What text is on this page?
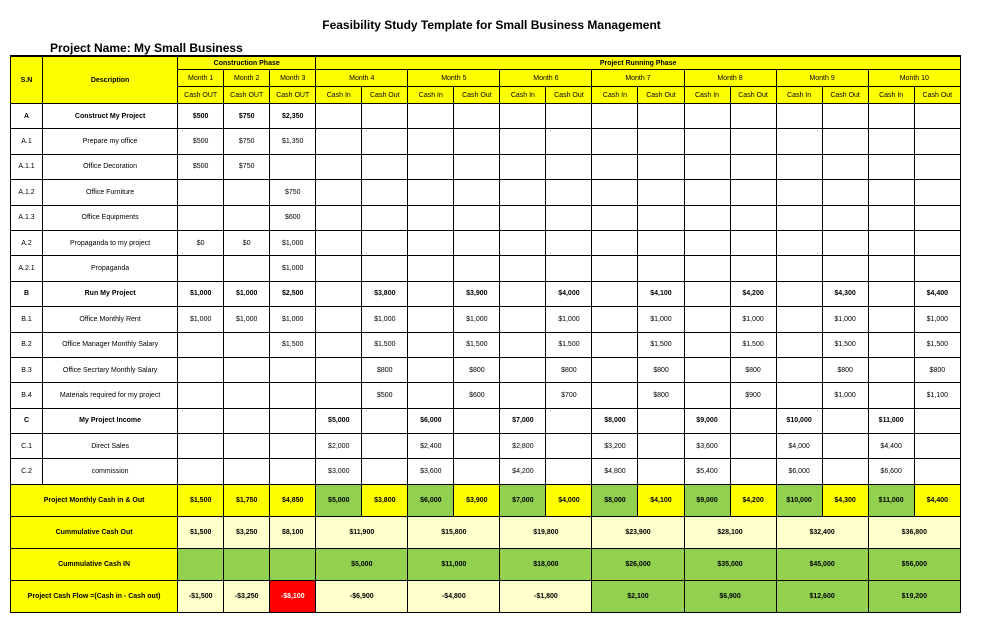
Feasibility Study Template for Small Business Management
Project Name: My Small Business
S.N	Description	Construction Phase			Project Running Phase													
		Month 1	Month 2	Month 3	Month 4		Month 5		Month 6		Month 7		Month 8		Month 9		Month 10	
		Cash OUT	Cash OUT	Cash OUT	Cash In	Cash Out	Cash In	Cash Out	Cash In	Cash Out	Cash In	Cash Out	Cash In	Cash Out	Cash In	Cash Out	Cash In	Cash Out
A	Construct My Project	$500	$750	$2,350														
A.1	Prepare my office	$500	$750	$1,350														
A.1.1	Office Decoration	$500	$750															
A.1.2	Office Furniture			$750														
A.1.3	Office Equipments			$600														
A.2	Propaganda to my project	$0	$0	$1,000														
A.2.1	Propaganda			$1,000														
B	Run My Project	$1,000	$1,000	$2,500		$3,800		$3,900		$4,000		$4,100		$4,200		$4,300		$4,400
B.1	Office Monthly Rent	$1,000	$1,000	$1,000		$1,000		$1,000		$1,000		$1,000		$1,000		$1,000		$1,000
B.2	Office Manager Monthly Salary			$1,500		$1,500		$1,500		$1,500		$1,500		$1,500		$1,500		$1,500
B.3	Office Secrtary Monthly Salary					$800		$800		$800		$800		$800		$800		$800
B.4	Materials required for my project					$500		$600		$700		$800		$900		$1,000		$1,100
C	My Project Income				$5,000		$6,000		$7,000		$8,000		$9,000		$10,000		$11,000	
C.1	Direct Sales				$2,000		$2,400		$2,800		$3,200		$3,600		$4,000		$4,400	
C.2	commission				$3,000		$3,600		$4,200		$4,800		$5,400		$6,000		$6,600	
Project Monthly Cash in & Out		$1,500	$1,750	$4,850	$5,000	$3,800	$6,000	$3,900	$7,000	$4,000	$8,000	$4,100	$9,000	$4,200	$10,000	$4,300	$11,000	$4,400
Cummulative Cash Out		$1,500	$3,250	$8,100	$11,900		$15,800		$19,800		$23,900		$28,100		$32,400		$36,800	
Cummulative Cash IN					$5,000		$11,000		$18,000		$26,000		$35,000		$45,000		$56,000	
Project Cash Flow =(Cash in - Cash out)		-$1,500	-$3,250	-$8,100	-$6,900		-$4,800		-$1,800		$2,100		$6,900		$12,600		$19,200	
